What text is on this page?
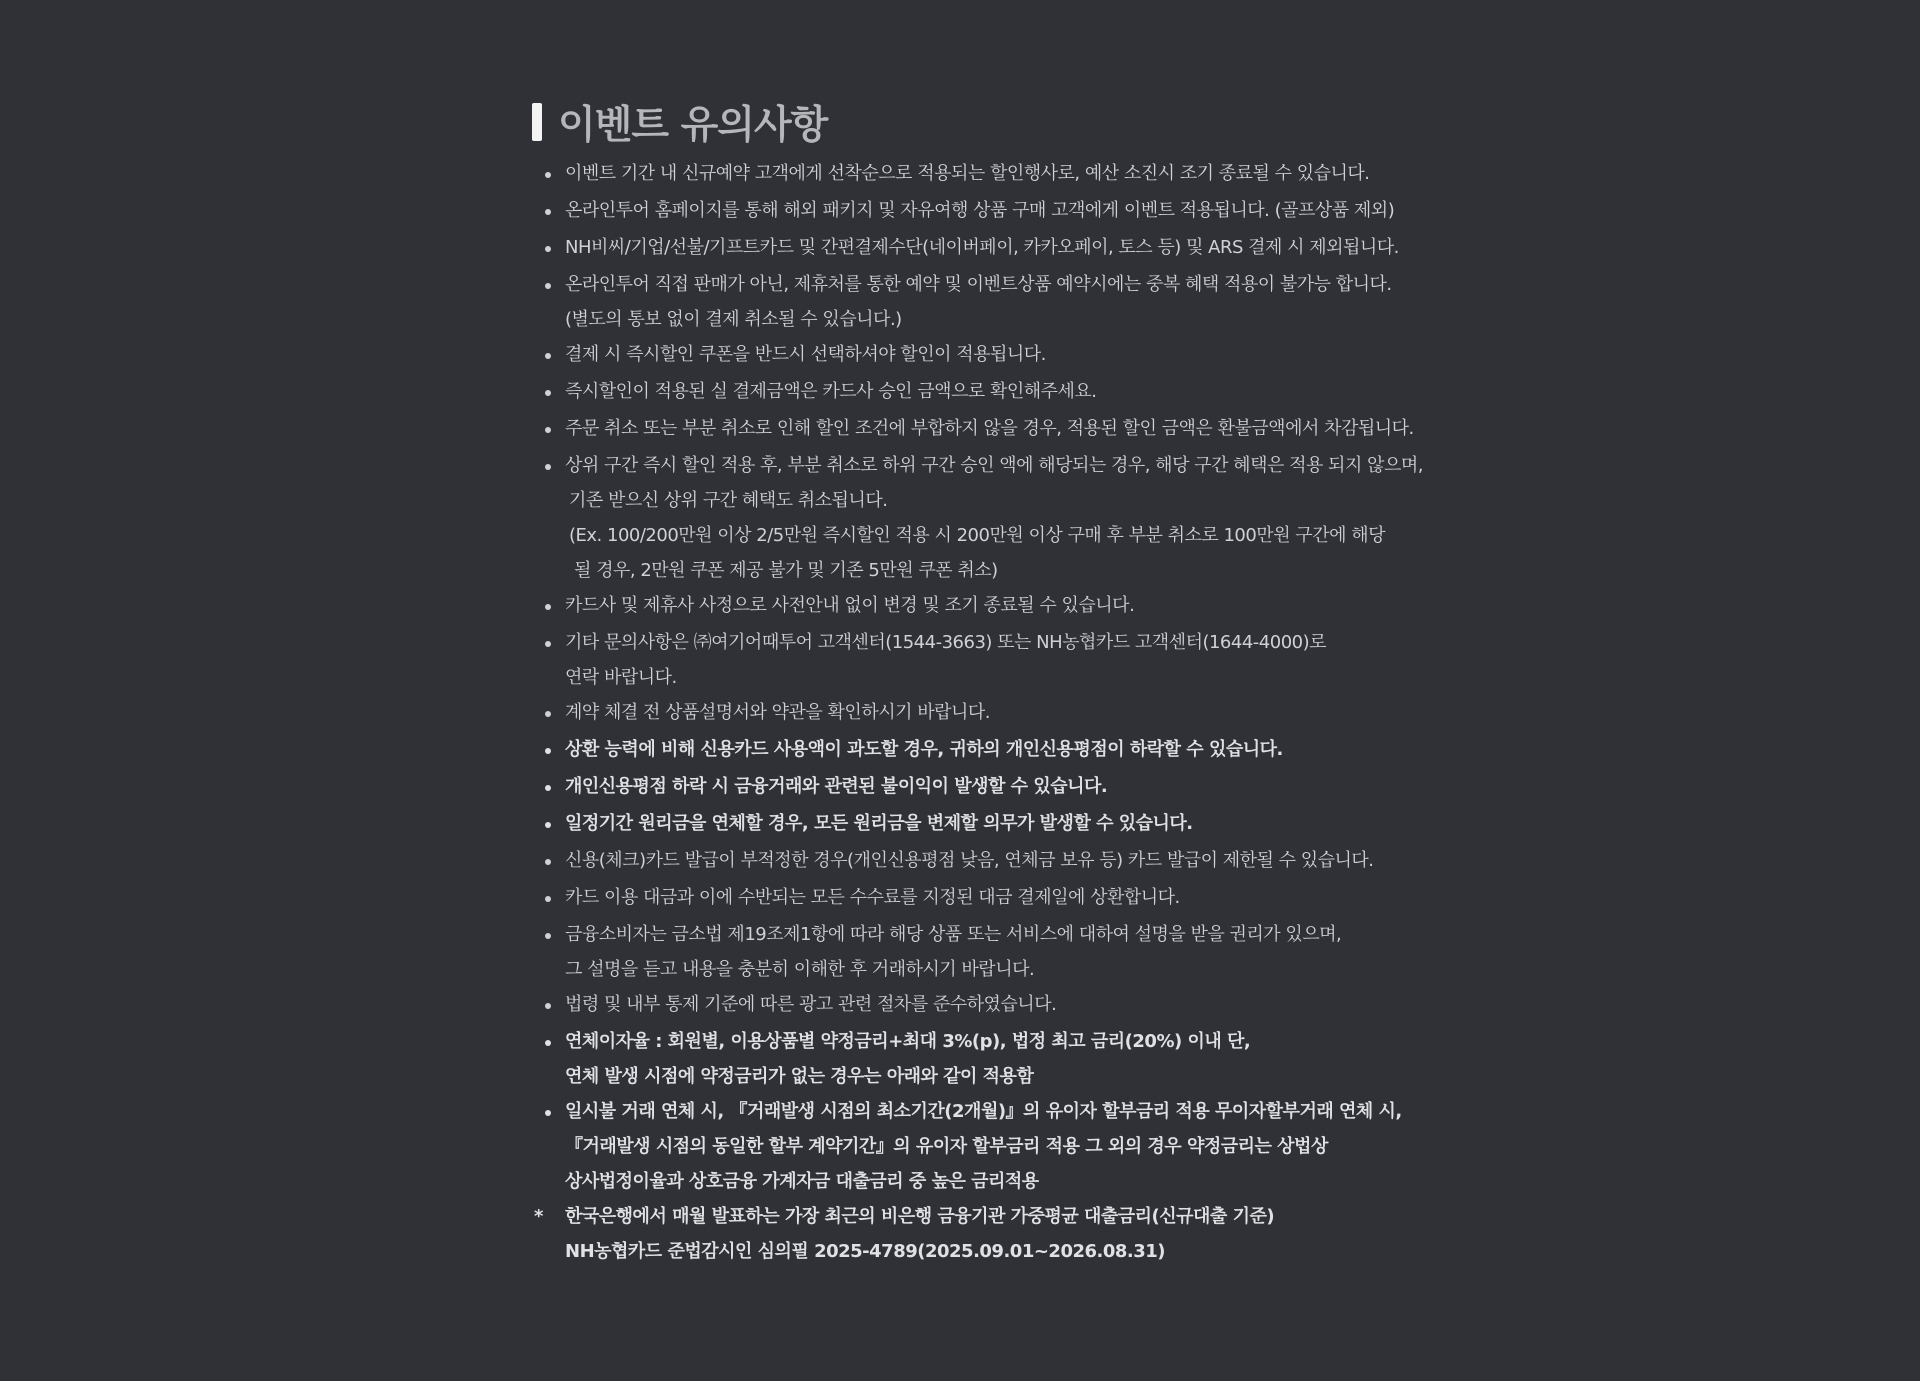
이벤트 유의사항
이벤트 기간 내 신규예약 고객에게 선착순으로 적용되는 할인행사로, 예산 소진시 조기 종료될 수 있습니다.
온라인투어 홈페이지를 통해 해외 패키지 및 자유여행 상품 구매 고객에게 이벤트 적용됩니다. (골프상품 제외)
NH비씨/기업/선불/기프트카드 및 간편결제수단(네이버페이, 카카오페이, 토스 등) 및 ARS 결제 시 제외됩니다.
온라인투어 직접 판매가 아닌, 제휴처를 통한 예약 및 이벤트상품 예약시에는 중복 혜택 적용이 불가능 합니다.
(별도의 통보 없이 결제 취소될 수 있습니다.)
결제 시 즉시할인 쿠폰을 반드시 선택하셔야 할인이 적용됩니다.
즉시할인이 적용된 실 결제금액은 카드사 승인 금액으로 확인해주세요.
주문 취소 또는 부분 취소로 인해 할인 조건에 부합하지 않을 경우, 적용된 할인 금액은 환불금액에서 차감됩니다.
상위 구간 즉시 할인 적용 후, 부분 취소로 하위 구간 승인 액에 해당되는 경우, 해당 구간 혜택은 적용 되지 않으며,
기존 받으신 상위 구간 혜택도 취소됩니다.
(Ex. 100/200만원 이상 2/5만원 즉시할인 적용 시 200만원 이상 구매 후 부분 취소로 100만원 구간에 해당
될 경우, 2만원 쿠폰 제공 불가 및 기존 5만원 쿠폰 취소)
카드사 및 제휴사 사정으로 사전안내 없이 변경 및 조기 종료될 수 있습니다.
기타 문의사항은 ㈜여기어때투어 고객센터(1544-3663) 또는 NH농협카드 고객센터(1644-4000)로
연락 바랍니다.
계약 체결 전 상품설명서와 약관을 확인하시기 바랍니다.
상환 능력에 비해 신용카드 사용액이 과도할 경우, 귀하의 개인신용평점이 하락할 수 있습니다.
개인신용평점 하락 시 금융거래와 관련된 불이익이 발생할 수 있습니다.
일정기간 원리금을 연체할 경우, 모든 원리금을 변제할 의무가 발생할 수 있습니다.
신용(체크)카드 발급이 부적정한 경우(개인신용평점 낮음, 연체금 보유 등) 카드 발급이 제한될 수 있습니다.
카드 이용 대금과 이에 수반되는 모든 수수료를 지정된 대금 결제일에 상환합니다.
금융소비자는 금소법 제19조제1항에 따라 해당 상품 또는 서비스에 대하여 설명을 받을 권리가 있으며,
그 설명을 듣고 내용을 충분히 이해한 후 거래하시기 바랍니다.
법령 및 내부 통제 기준에 따른 광고 관련 절차를 준수하였습니다.
연체이자율 : 회원별, 이용상품별 약정금리+최대 3%(p), 법정 최고 금리(20%) 이내 단,
연체 발생 시점에 약정금리가 없는 경우는 아래와 같이 적용함
일시불 거래 연체 시, 『거래발생 시점의 최소기간(2개월)』의 유이자 할부금리 적용 무이자할부거래 연체 시,
『거래발생 시점의 동일한 할부 계약기간』의 유이자 할부금리 적용 그 외의 경우 약정금리는 상법상
상사법정이율과 상호금융 가계자금 대출금리 중 높은 금리적용
* 한국은행에서 매월 발표하는 가장 최근의 비은행 금융기관 가중평균 대출금리(신규대출 기준)
NH농협카드 준법감시인 심의필 2025-4789(2025.09.01~2026.08.31)
